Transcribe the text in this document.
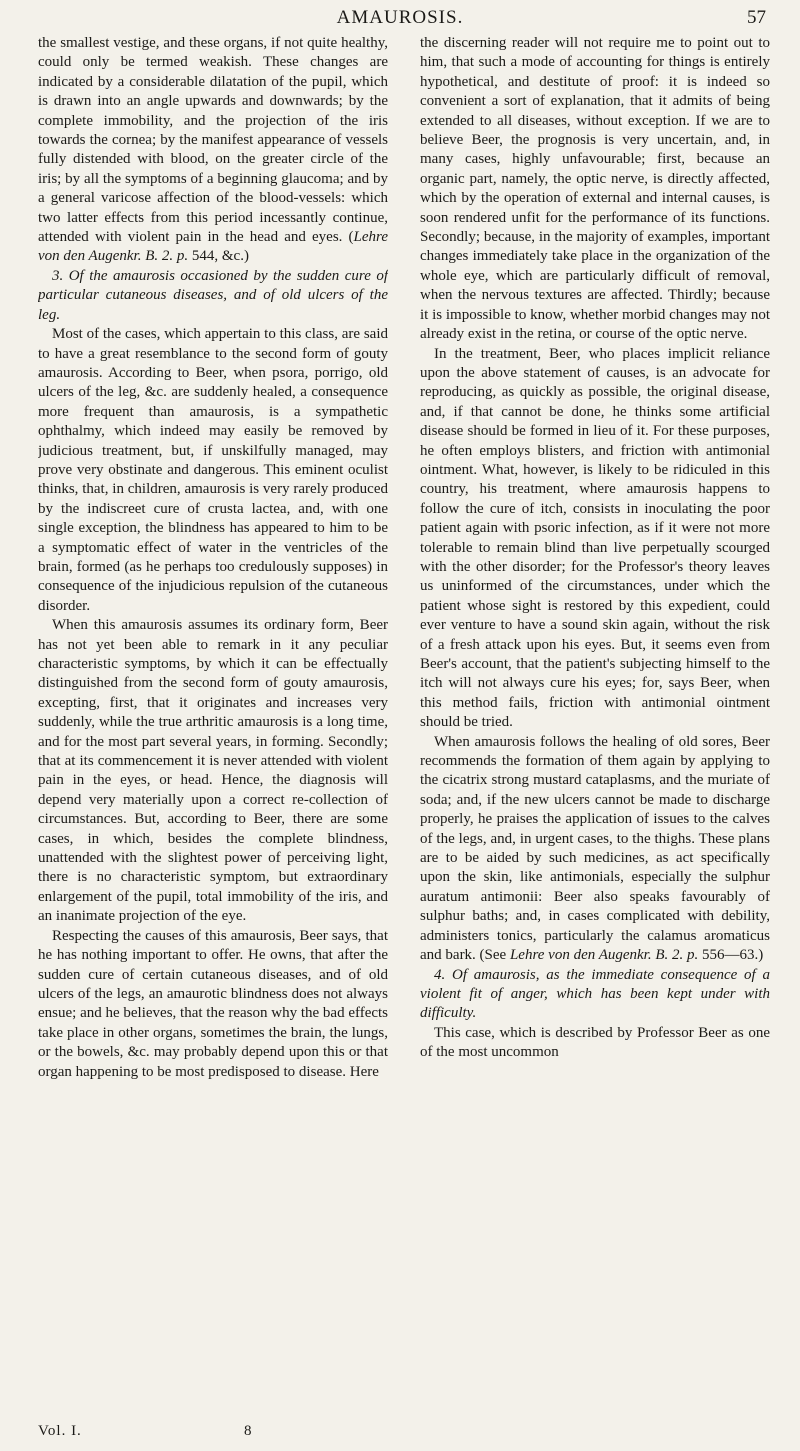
AMAUROSIS.	57

the smallest vestige, and these organs, if not quite healthy, could only be termed weakish. These changes are indicated by a considerable dilatation of the pupil, which is drawn into an angle upwards and downwards; by the complete immobility, and the projection of the iris towards the cornea; by the manifest appearance of vessels fully distended with blood, on the greater circle of the iris; by all the symptoms of a beginning glaucoma; and by a general varicose affection of the blood-vessels: which two latter effects from this period incessantly continue, attended with violent pain in the head and eyes. (Lehre von den Augenkr. B. 2. p. 544, &c.)

3. Of the amaurosis occasioned by the sudden cure of particular cutaneous diseases, and of old ulcers of the leg.

Most of the cases, which appertain to this class, are said to have a great resemblance to the second form of gouty amaurosis. According to Beer, when psora, porrigo, old ulcers of the leg, &c. are suddenly healed, a consequence more frequent than amaurosis, is a sympathetic ophthalmy, which indeed may easily be removed by judicious treatment, but, if unskilfully managed, may prove very obstinate and dangerous. This eminent oculist thinks, that, in children, amaurosis is very rarely produced by the indiscreet cure of crusta lactea, and, with one single exception, the blindness has appeared to him to be a symptomatic effect of water in the ventricles of the brain, formed (as he perhaps too credulously supposes) in consequence of the injudicious repulsion of the cutaneous disorder.

When this amaurosis assumes its ordinary form, Beer has not yet been able to remark in it any peculiar characteristic symptoms, by which it can be effectually distinguished from the second form of gouty amaurosis, excepting, first, that it originates and increases very suddenly, while the true arthritic amaurosis is a long time, and for the most part several years, in forming. Secondly; that at its commencement it is never attended with violent pain in the eyes, or head. Hence, the diagnosis will depend very materially upon a correct re-collection of circumstances. But, according to Beer, there are some cases, in which, besides the complete blindness, unattended with the slightest power of perceiving light, there is no characteristic symptom, but extraordinary enlargement of the pupil, total immobility of the iris, and an inanimate projection of the eye.

Respecting the causes of this amaurosis, Beer says, that he has nothing important to offer. He owns, that after the sudden cure of certain cutaneous diseases, and of old ulcers of the legs, an amaurotic blindness does not always ensue; and he believes, that the reason why the bad effects take place in other organs, sometimes the brain, the lungs, or the bowels, &c. may probably depend upon this or that organ happening to be most predisposed to disease. Here

the discerning reader will not require me to point out to him, that such a mode of accounting for things is entirely hypothetical, and destitute of proof: it is indeed so convenient a sort of explanation, that it admits of being extended to all diseases, without exception. If we are to believe Beer, the prognosis is very uncertain, and, in many cases, highly unfavourable; first, because an organic part, namely, the optic nerve, is directly affected, which by the operation of external and internal causes, is soon rendered unfit for the performance of its functions. Secondly; because, in the majority of examples, important changes immediately take place in the organization of the whole eye, which are particularly difficult of removal, when the nervous textures are affected. Thirdly; because it is impossible to know, whether morbid changes may not already exist in the retina, or course of the optic nerve.

In the treatment, Beer, who places implicit reliance upon the above statement of causes, is an advocate for reproducing, as quickly as possible, the original disease, and, if that cannot be done, he thinks some artificial disease should be formed in lieu of it. For these purposes, he often employs blisters, and friction with antimonial ointment. What, however, is likely to be ridiculed in this country, his treatment, where amaurosis happens to follow the cure of itch, consists in inoculating the poor patient again with psoric infection, as if it were not more tolerable to remain blind than live perpetually scourged with the other disorder; for the Professor's theory leaves us uninformed of the circumstances, under which the patient whose sight is restored by this expedient, could ever venture to have a sound skin again, without the risk of a fresh attack upon his eyes. But, it seems even from Beer's account, that the patient's subjecting himself to the itch will not always cure his eyes; for, says Beer, when this method fails, friction with antimonial ointment should be tried.

When amaurosis follows the healing of old sores, Beer recommends the formation of them again by applying to the cicatrix strong mustard cataplasms, and the muriate of soda; and, if the new ulcers cannot be made to discharge properly, he praises the application of issues to the calves of the legs, and, in urgent cases, to the thighs. These plans are to be aided by such medicines, as act specifically upon the skin, like antimonials, especially the sulphur auratum antimonii: Beer also speaks favourably of sulphur baths; and, in cases complicated with debility, administers tonics, particularly the calamus aromaticus and bark. (See Lehre von den Augenkr. B. 2. p. 556—63.)

4. Of amaurosis, as the immediate consequence of a violent fit of anger, which has been kept under with difficulty.

This case, which is described by Professor Beer as one of the most uncommon

Vol. I.	8
